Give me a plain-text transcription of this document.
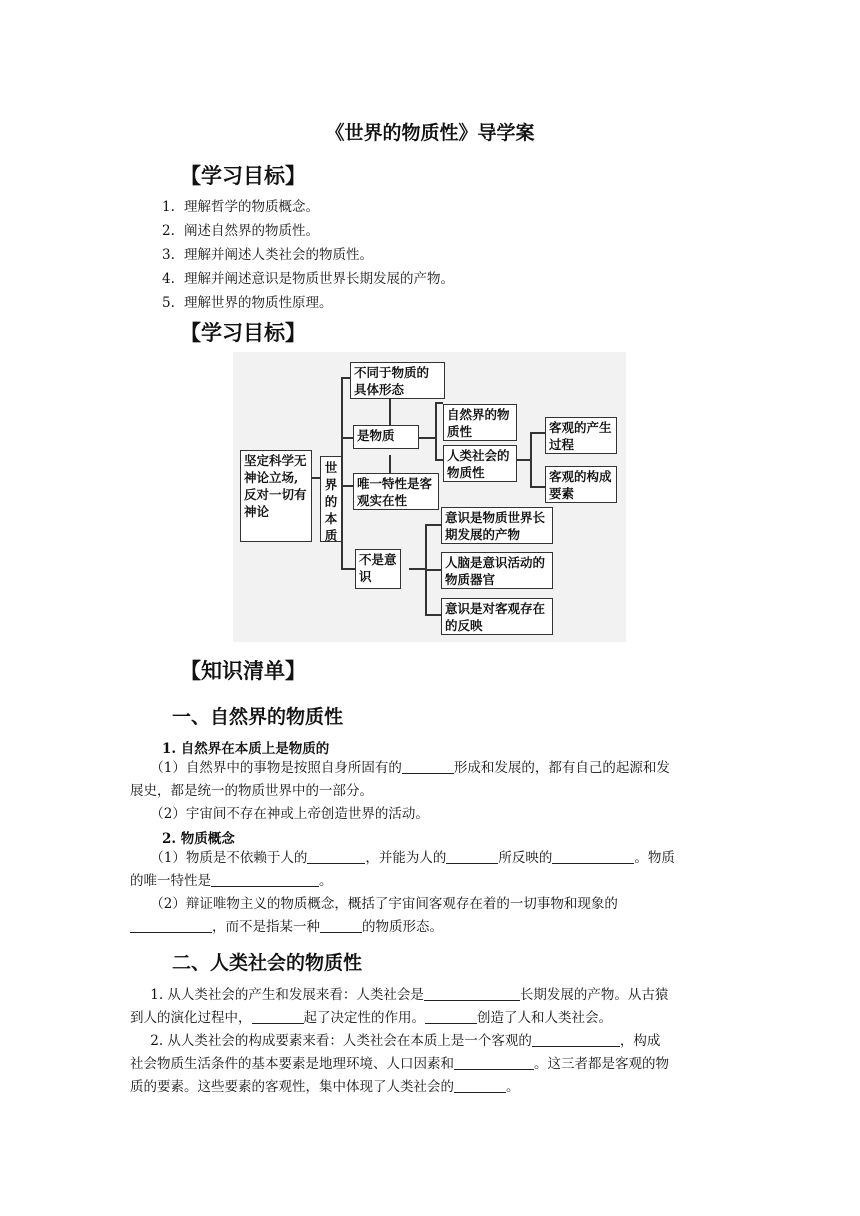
《世界的物质性》导学案
【学习目标】
1. 理解哲学的物质概念。
2. 阐述自然界的物质性。
3. 理解并阐述人类社会的物质性。
4. 理解并阐述意识是物质世界长期发展的产物。
5. 理解世界的物质性原理。
【学习目标】
坚定科学无神论立场,反对一切有神论
世界的本质
不同于物质的具体形态
是物质
唯一特性是客观实在性
不是意识
自然界的物质性
人类社会的物质性
客观的产生过程
客观的构成要素
意识是物质世界长期发展的产物
人脑是意识活动的物质器官
意识是对客观存在的反映
【知识清单】
一、自然界的物质性
1. 自然界在本质上是物质的
  （1）自然界中的事物是按照自身所固有的	形成和发展的，都有自己的起源和发
展史，都是统一的物质世界中的一部分。
  （2）宇宙间不存在神或上帝创造世界的活动。
2. 物质概念
  （1）物质是不依赖于人的	，并能为人的	所反映的	。物质
的唯一特性是	。
  （2）辩证唯物主义的物质概念，概括了宇宙间客观存在着的一切事物和现象的
，而不是指某一种	的物质形态。
二、人类社会的物质性
  1. 从人类社会的产生和发展来看：人类社会是	长期发展的产物。从古猿
到人的演化过程中，	起了决定性的作用。	创造了人和人类社会。
  2. 从人类社会的构成要素来看：人类社会在本质上是一个客观的	，构成
社会物质生活条件的基本要素是地理环境、人口因素和	。这三者都是客观的物
质的要素。这些要素的客观性，集中体现了人类社会的	。
